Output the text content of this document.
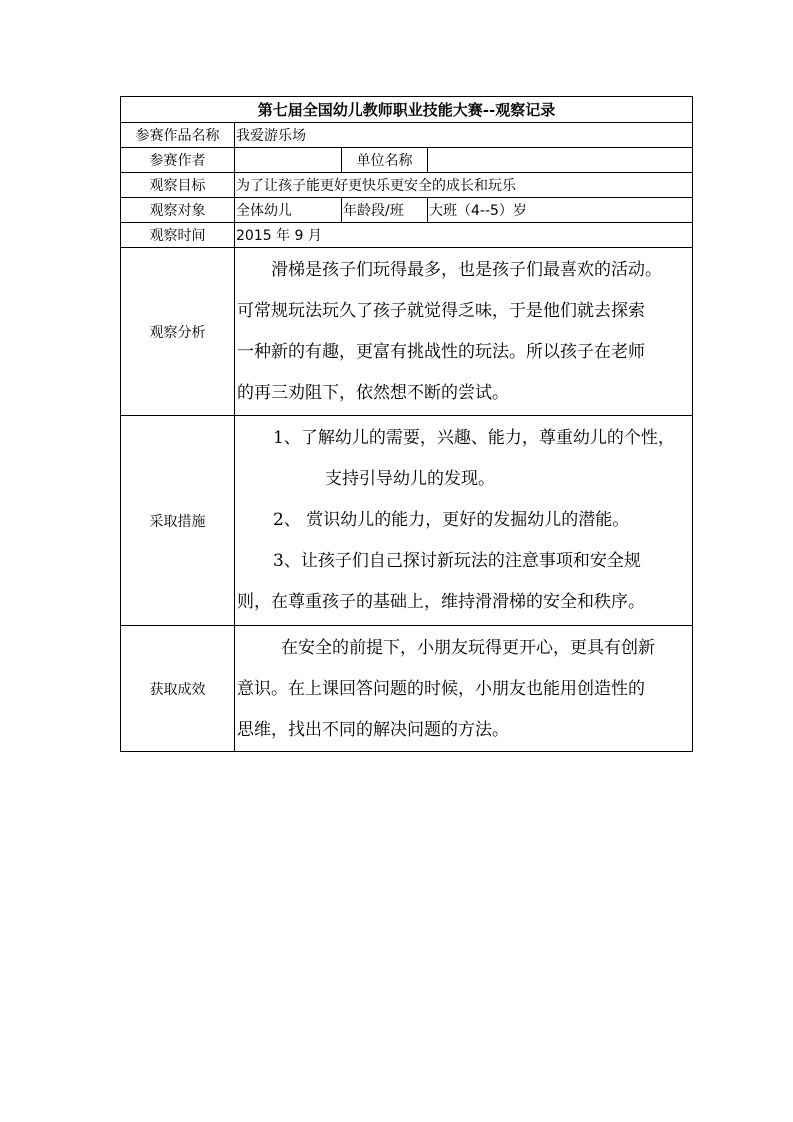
第七届全国幼儿教师职业技能大赛--观察记录			
参赛作品名称	我爱游乐场		
参赛作者		单位名称	
观察目标	为了让孩子能更好更快乐更安全的成长和玩乐		
观察对象	全体幼儿	年龄段/班	大班（4--5）岁
观察时间	2015 年 9 月		
观察分析	滑梯是孩子们玩得最多，也是孩子们最喜欢的活动。

可常规玩法玩久了孩子就觉得乏味，于是他们就去探索

一种新的有趣，更富有挑战性的玩法。所以孩子在老师

的再三劝阻下，依然想不断的尝试。		

采取措施	1、了解幼儿的需要，兴趣、能力，尊重幼儿的个性，

支持引导幼儿的发现。

2、 赏识幼儿的能力，更好的发掘幼儿的潜能。

3、让孩子们自己探讨新玩法的注意事项和安全规

则，在尊重孩子的基础上，维持滑滑梯的安全和秩序。		

获取成效	在安全的前提下，小朋友玩得更开心，更具有创新

意识。在上课回答问题的时候，小朋友也能用创造性的

思维，找出不同的解决问题的方法。		
